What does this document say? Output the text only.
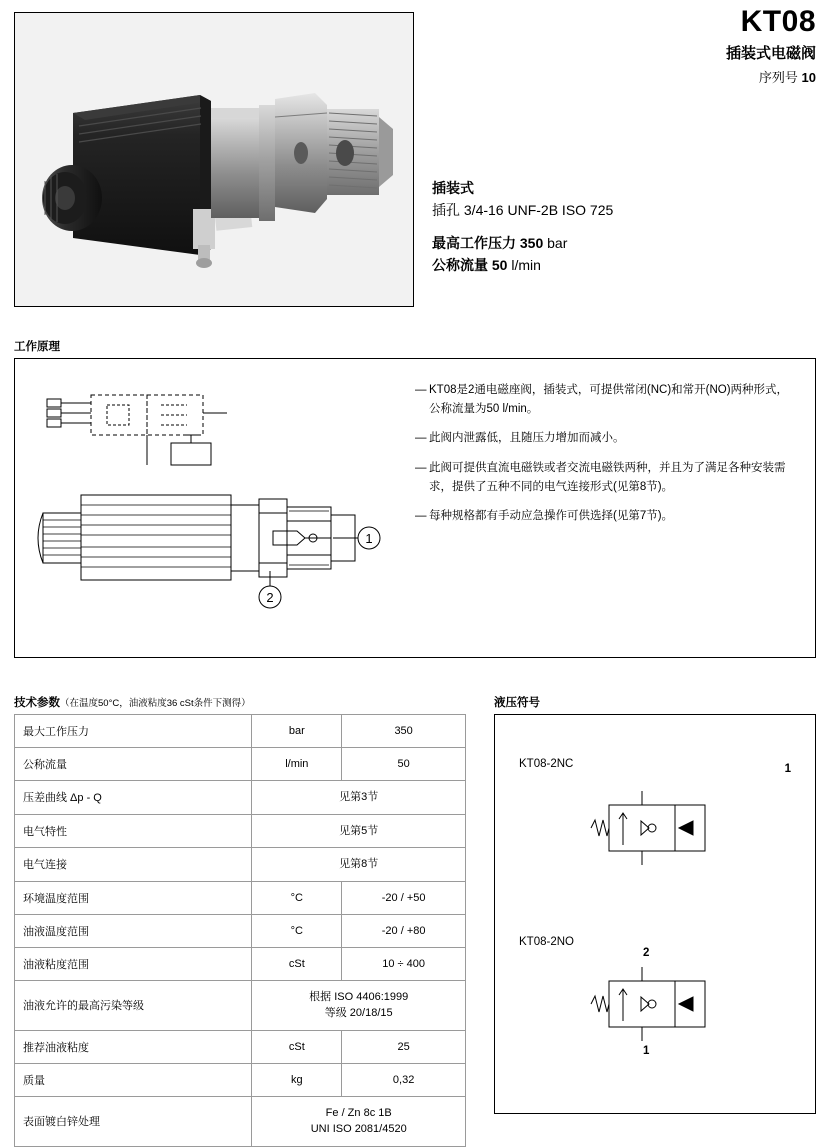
KT08
插装式电磁阀
序列号 10
插装式
插孔 3/4-16 UNF-2B ISO 725
最高工作压力 350 bar
公称流量 50 l/min
工作原理
1
2
— KT08是2通电磁座阀，插装式，可提供常闭(NC)和常开(NO)两种形式，公称流量为50 l/min。
— 此阀内泄露低，且随压力增加而减小。
— 此阀可提供直流电磁铁或者交流电磁铁两种，并且为了满足各种安装需求，提供了五种不同的电气连接形式(见第8节)。
— 每种规格都有手动应急操作可供选择(见第7节)。
技术参数（在温度50°C，油液粘度36 cSt条件下测得）
最大工作压力	bar	350
公称流量	l/min	50
压差曲线 Δp - Q	见第3节	

电气特性	见第5节	

电气连接	见第8节	

环境温度范围	°C	-20 / +50
油液温度范围	°C	-20 / +80
油液粘度范围	cSt	10 ÷ 400
油液允许的最高污染等级	根据 ISO 4406:1999
等级 20/18/15	

推荐油液粘度	cSt	25
质量	kg	0,32
表面镀白锌处理	Fe / Zn 8c 1B
UNI ISO 2081/4520	
液压符号
KT08-2NC	1
KT08-2NO
2
1
